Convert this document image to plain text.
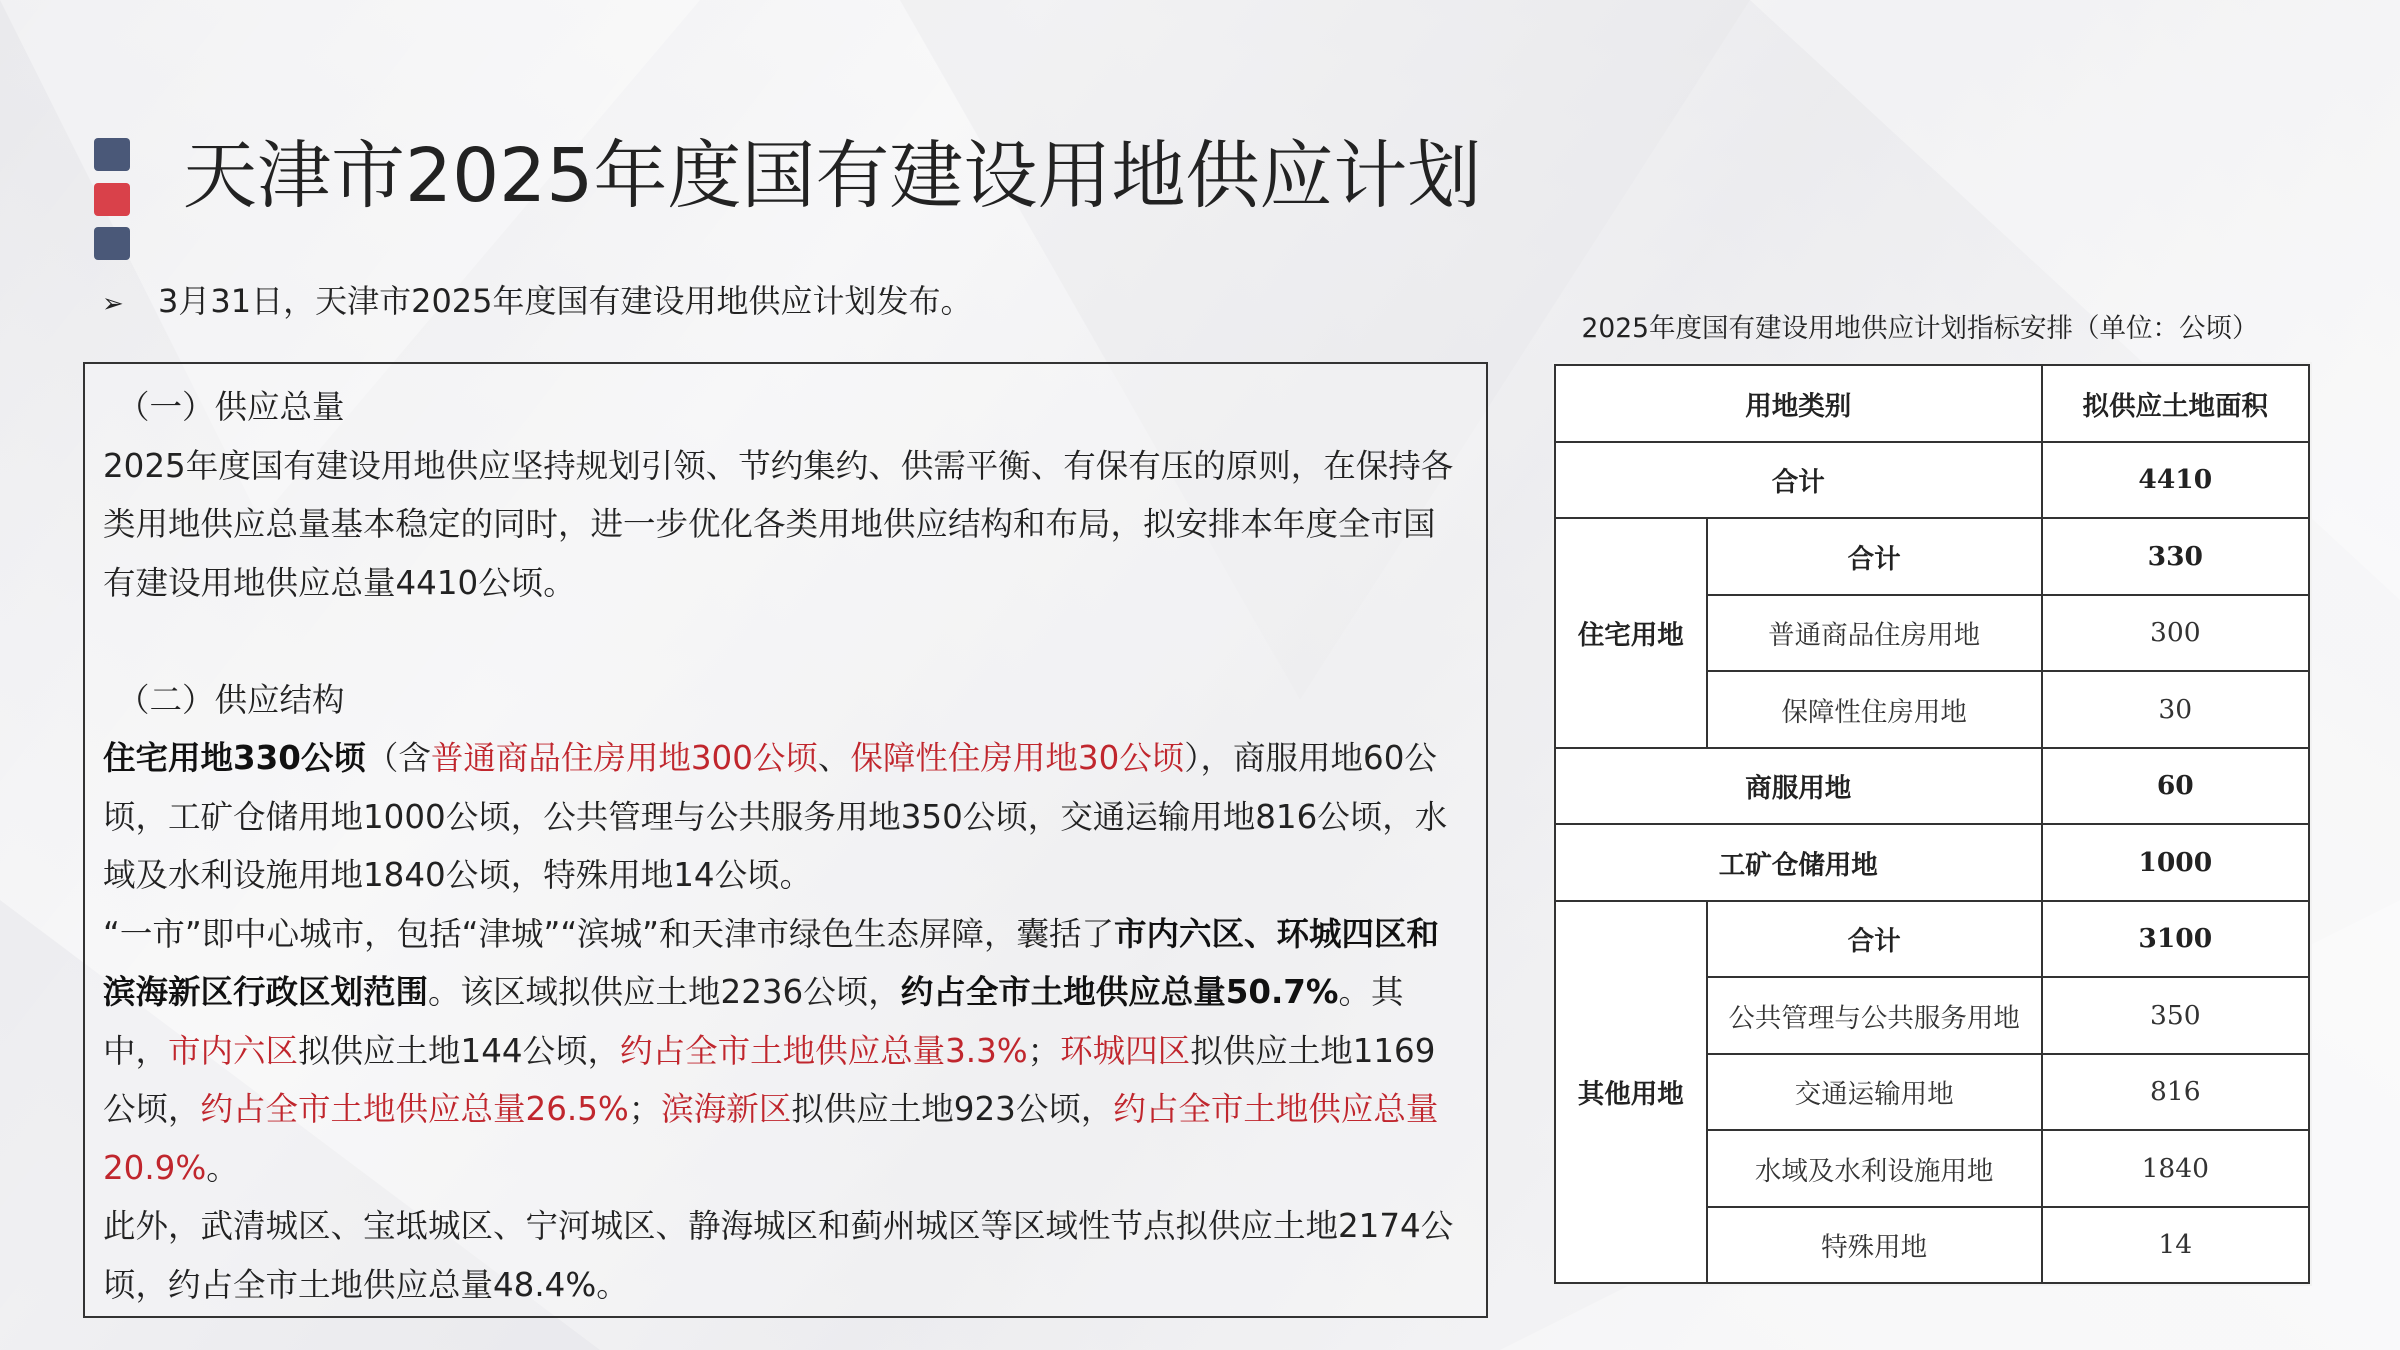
天津市2025年度国有建设用地供应计划
➢ 3月31日，天津市2025年度国有建设用地供应计划发布。

（一）供应总量

2025年度国有建设用地供应坚持规划引领、节约集约、供需平衡、有保有压的原则，在保持各类用地供应总量基本稳定的同时，进一步优化各类用地供应结构和布局，拟安排本年度全市国有建设用地供应总量4410公顷。

（二）供应结构

住宅用地330公顷（含普通商品住房用地300公顷、保障性住房用地30公顷），商服用地60公顷，工矿仓储用地1000公顷，公共管理与公共服务用地350公顷，交通运输用地816公顷，水域及水利设施用地1840公顷，特殊用地14公顷。

“一市”即中心城市，包括“津城”“滨城”和天津市绿色生态屏障，囊括了市内六区、环城四区和滨海新区行政区划范围。该区域拟供应土地2236公顷，约占全市土地供应总量50.7%。其中，市内六区拟供应土地144公顷，约占全市土地供应总量3.3%；环城四区拟供应土地1169公顷，约占全市土地供应总量26.5%；滨海新区拟供应土地923公顷，约占全市土地供应总量20.9%。

此外，武清城区、宝坻城区、宁河城区、静海城区和蓟州城区等区域性节点拟供应土地2174公顷，约占全市土地供应总量48.4%。

2025年度国有建设用地供应计划指标安排（单位：公顷）
用地类别		拟供应土地面积
合计		4410
住宅用地	合计	330
	普通商品住房用地	300
	保障性住房用地	30
商服用地		60
工矿仓储用地		1000
其他用地	合计	3100
	公共管理与公共服务用地	350
	交通运输用地	816
	水域及水利设施用地	1840
	特殊用地	14
